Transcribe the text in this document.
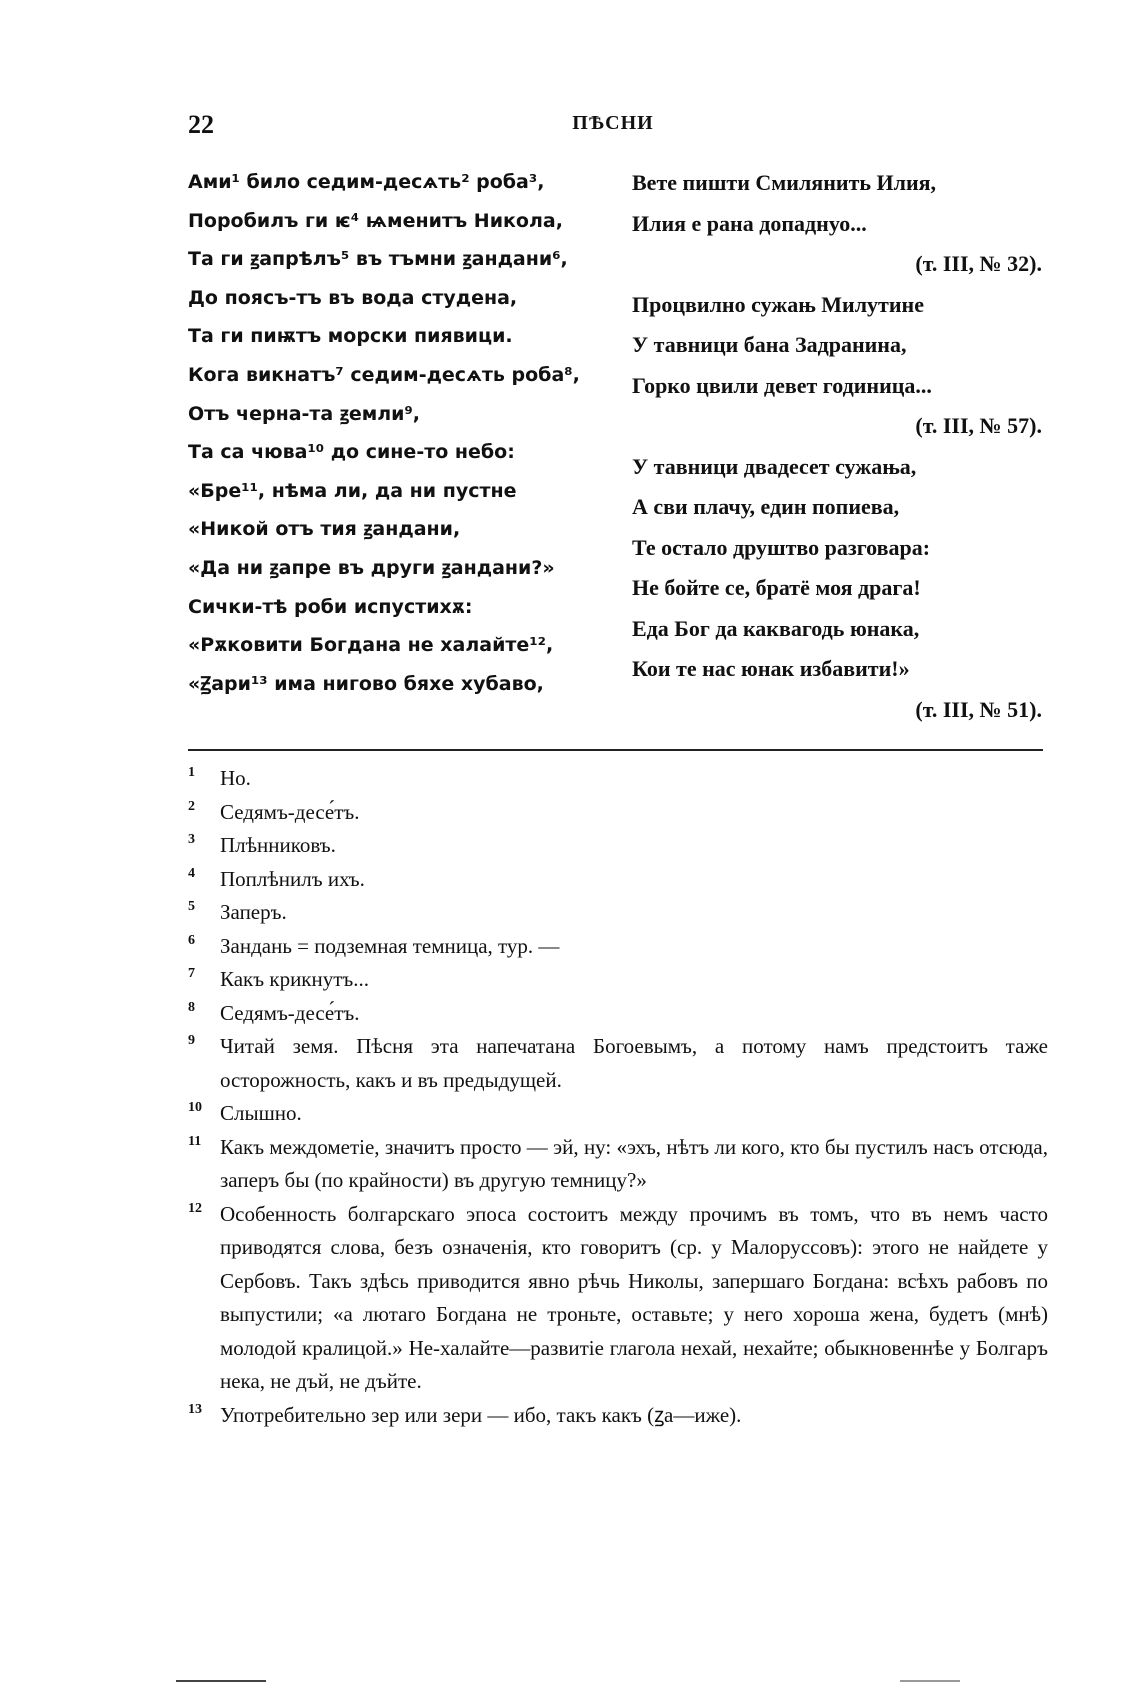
22	ПѢСНИ
Ами¹ било седим-десѧть² роба³,
Поробилъ ги ѥ⁴ ѩменитъ Никола,
Та ги ꙃапрѣлъ⁵ въ тъмни ꙃандани⁶,
До поясъ-тъ въ вода студена,
Та ги пиѭтъ морски пиявици.
Кога викнатъ⁷ седим-десѧть роба⁸,
Отъ черна-та ꙃемли⁹,
Та са чюва¹⁰ до сине-то небо:
«Бре¹¹, нѣма ли, да ни пустне
«Никой отъ тия ꙃандани,
«Да ни ꙃапре въ други ꙃандани?»
Сички-тѣ роби испустихѫ:
«Рѫковити Богдана не халайте¹²,
«Ꙃари¹³ има нигово бяхе хубаво,
Вете пишти Смилянить Илия,
Илия е рана допаднуо...
(т. III, № 32).
Процвилно сужањ Милутине
У тавници бана Задранина,
Горко цвили девет годиница...
(т. III, № 57).
У тавници двадесет сужања,
А сви плачу, един попиева,
Те остало друштво разговара:
Не бойте се, братё моя драга!
Еда Бог да каквагодь юнака,
Кои те нас юнак избавити!»
(т. III, № 51).
1 Но.
2 Седямъ-десе́тъ.
3 Плѣнниковъ.
4 Поплѣнилъ ихъ.
5 Заперъ.
6 Зандань = подземная темница, тур. —
7 Какъ крикнутъ...
8 Седямъ-десе́тъ.
9 Читай земя. Пѣсня эта напечатана Богоевымъ, а потому намъ предстоитъ таже осторожность, какъ и въ предыдущей.
10 Слышно.
11 Какъ междометіе, значитъ просто — эй, ну: «эхъ, нѣтъ ли кого, кто бы пустилъ насъ отсюда, заперъ бы (по крайности) въ другую темницу?»
12 Особенность болгарскаго эпоса состоитъ между прочимъ въ томъ, что въ немъ часто приводятся слова, безъ означенія, кто говоритъ (ср. у Малоруссовъ): этого не найдете у Сербовъ. Такъ здѣсь приводится явно рѣчь Николы, запершаго Богдана: всѣхъ рабовъ по выпустили; «а лютаго Богдана не троньте, оставьте; у него хороша жена, будетъ (мнѣ) молодой кралицой.» Не-халайте—развитіе глагола нехай, нехайте; обыкновеннѣе у Болгаръ нека, не дъй, не дъйте.
13 Употребительно зер или зери — ибо, такъ какъ (ꙁа—иже).
